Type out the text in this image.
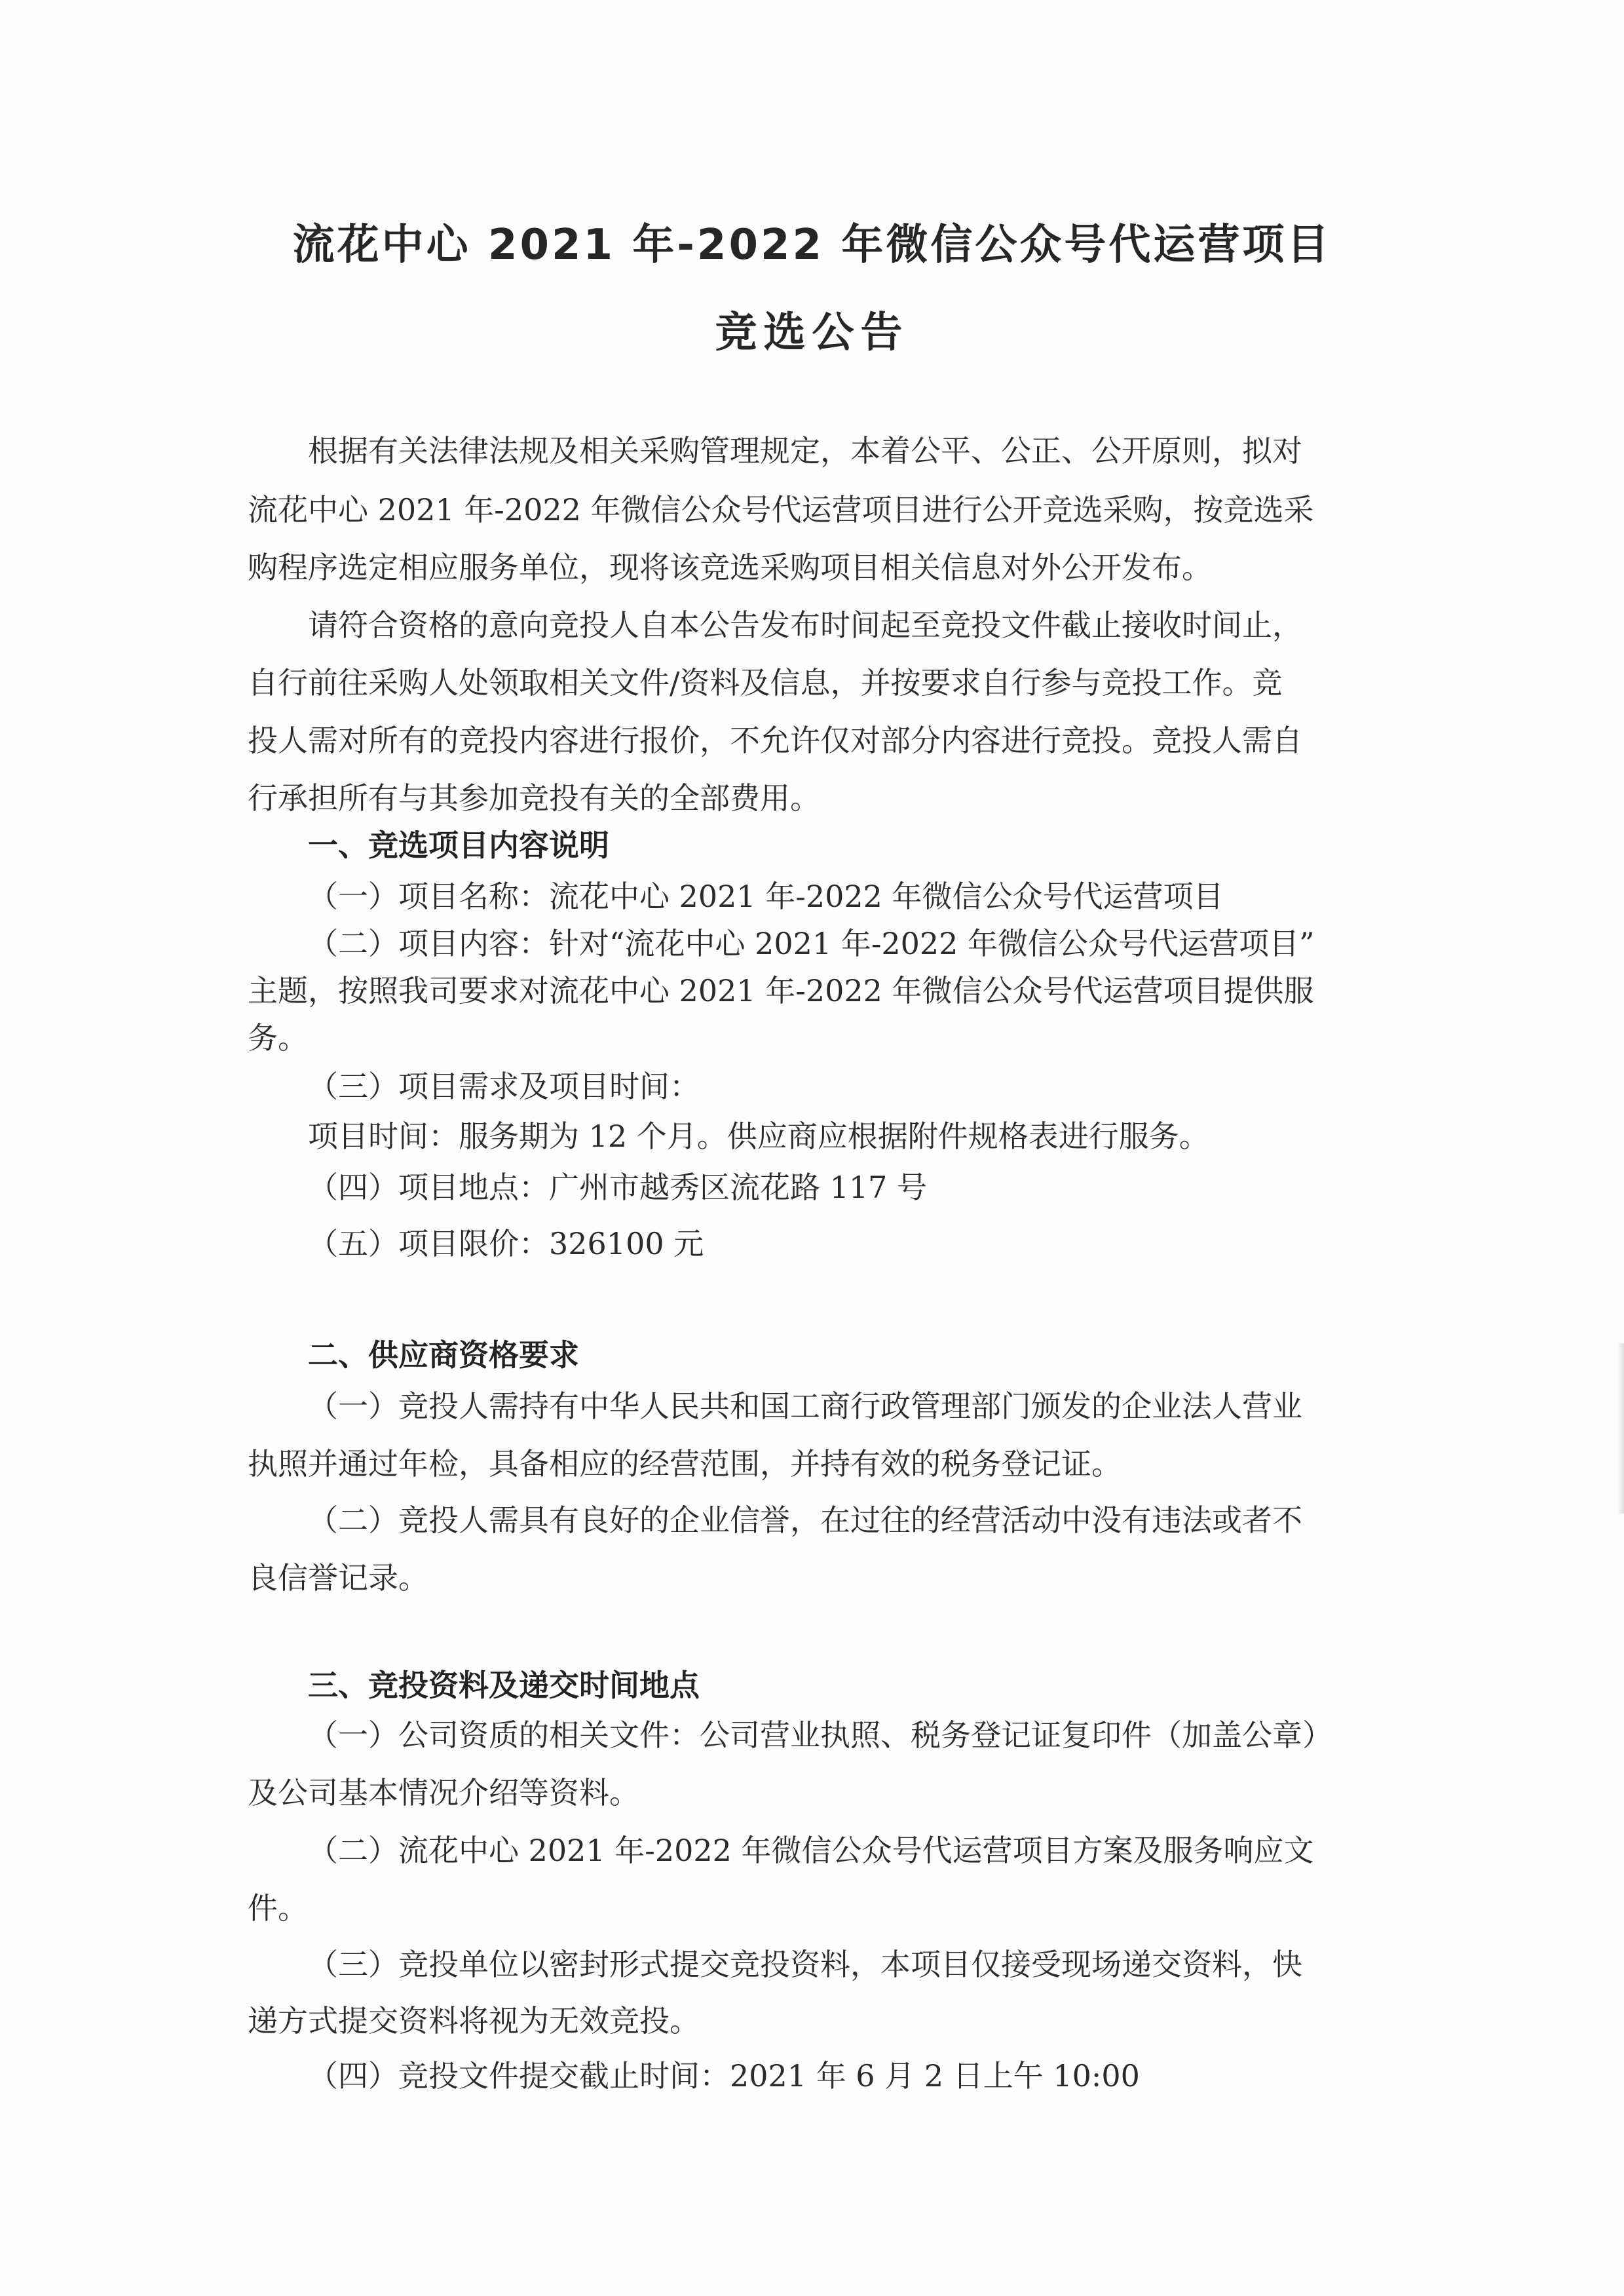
流花中心 2021 年-2022 年微信公众号代运营项目
竞选公告
根据有关法律法规及相关采购管理规定，本着公平、公正、公开原则，拟对
流花中心 2021 年-2022 年微信公众号代运营项目进行公开竞选采购，按竞选采
购程序选定相应服务单位，现将该竞选采购项目相关信息对外公开发布。
请符合资格的意向竞投人自本公告发布时间起至竞投文件截止接收时间止，
自行前往采购人处领取相关文件/资料及信息，并按要求自行参与竞投工作。竞
投人需对所有的竞投内容进行报价，不允许仅对部分内容进行竞投。竞投人需自
行承担所有与其参加竞投有关的全部费用。
一、竞选项目内容说明
（一）项目名称：流花中心 2021 年-2022 年微信公众号代运营项目
（二）项目内容：针对“流花中心 2021 年-2022 年微信公众号代运营项目”
主题，按照我司要求对流花中心 2021 年-2022 年微信公众号代运营项目提供服
务。
（三）项目需求及项目时间：
项目时间：服务期为 12 个月。供应商应根据附件规格表进行服务。
（四）项目地点：广州市越秀区流花路 117 号
（五）项目限价：326100 元
二、供应商资格要求
（一）竞投人需持有中华人民共和国工商行政管理部门颁发的企业法人营业
执照并通过年检，具备相应的经营范围，并持有效的税务登记证。
（二）竞投人需具有良好的企业信誉，在过往的经营活动中没有违法或者不
良信誉记录。
三、竞投资料及递交时间地点
（一）公司资质的相关文件：公司营业执照、税务登记证复印件（加盖公章）
及公司基本情况介绍等资料。
（二）流花中心 2021 年-2022 年微信公众号代运营项目方案及服务响应文
件。
（三）竞投单位以密封形式提交竞投资料，本项目仅接受现场递交资料，快
递方式提交资料将视为无效竞投。
（四）竞投文件提交截止时间：2021 年 6 月 2 日上午 10:00
